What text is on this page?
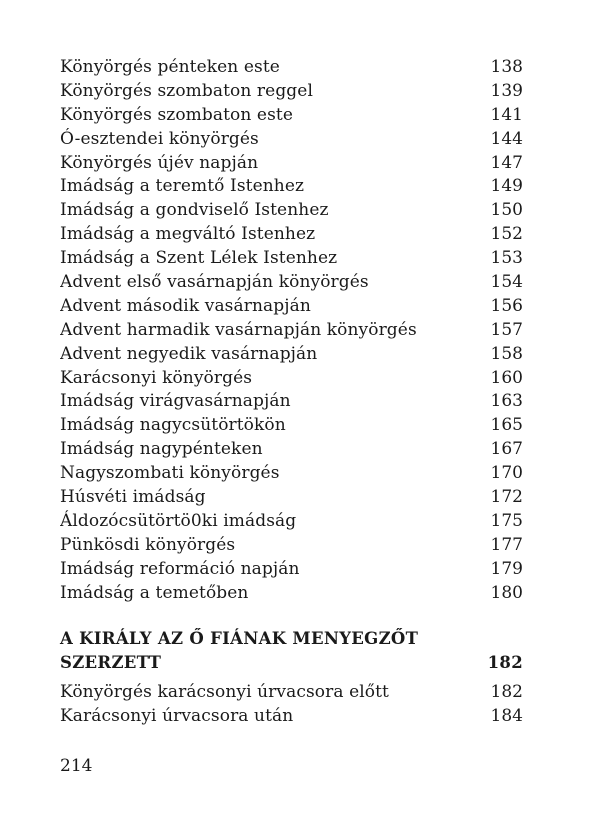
Könyörgés pénteken este	138
Könyörgés szombaton reggel	139
Könyörgés szombaton este	141
Ó-esztendei könyörgés	144
Könyörgés újév napján	147
Imádság a teremtő Istenhez	149
Imádság a gondviselő Istenhez	150
Imádság a megváltó Istenhez	152
Imádság a Szent Lélek Istenhez	153
Advent első vasárnapján könyörgés	154
Advent második vasárnapján	156
Advent harmadik vasárnapján könyörgés	157
Advent negyedik vasárnapján	158
Karácsonyi könyörgés	160
Imádság virágvasárnapján	163
Imádság nagycsütörtökön	165
Imádság nagypénteken	167
Nagyszombati könyörgés	170
Húsvéti imádság	172
Áldozócsütörtö0ki imádság	175
Pünkösdi könyörgés	177
Imádság reformáció napján	179
Imádság a temetőben	180
A KIRÁLY AZ Ő FIÁNAK MENYEGZŐT
SZERZETT	182
Könyörgés karácsonyi úrvacsora előtt	182
Karácsonyi úrvacsora után	184
214
